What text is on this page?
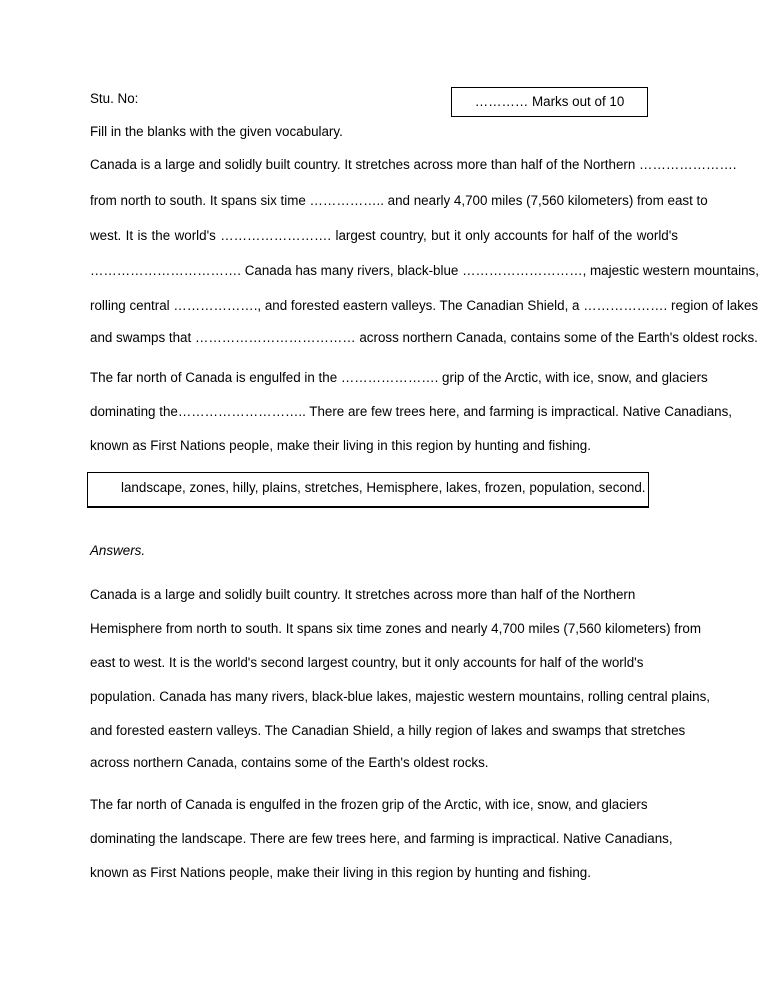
Stu. No:	………… Marks out of 10
Fill in the blanks with the given vocabulary.
Canada is a large and solidly built country. It stretches across more than half of the Northern ………………….
from north to south. It spans six time …………….. and nearly 4,700 miles (7,560 kilometers) from east to
west. It is the world's ……………………. largest country, but it only accounts for half of the world's
……………………………. Canada has many rivers, black-blue ………………………, majestic western mountains,
rolling central ………………., and forested eastern valleys. The Canadian Shield, a ………………. region of lakes
and swamps that ……………………………… across northern Canada, contains some of the Earth's oldest rocks.
The far north of Canada is engulfed in the …………………. grip of the Arctic, with ice, snow, and glaciers
dominating the……………………….. There are few trees here, and farming is impractical. Native Canadians,
known as First Nations people, make their living in this region by hunting and fishing.
landscape, zones, hilly, plains, stretches, Hemisphere, lakes, frozen, population, second.
Answers.
Canada is a large and solidly built country. It stretches across more than half of the Northern
Hemisphere from north to south. It spans six time zones and nearly 4,700 miles (7,560 kilometers) from
east to west. It is the world's second largest country, but it only accounts for half of the world's
population. Canada has many rivers, black-blue lakes, majestic western mountains, rolling central plains,
and forested eastern valleys. The Canadian Shield, a hilly region of lakes and swamps that stretches
across northern Canada, contains some of the Earth's oldest rocks.
The far north of Canada is engulfed in the frozen grip of the Arctic, with ice, snow, and glaciers
dominating the landscape. There are few trees here, and farming is impractical. Native Canadians,
known as First Nations people, make their living in this region by hunting and fishing.
